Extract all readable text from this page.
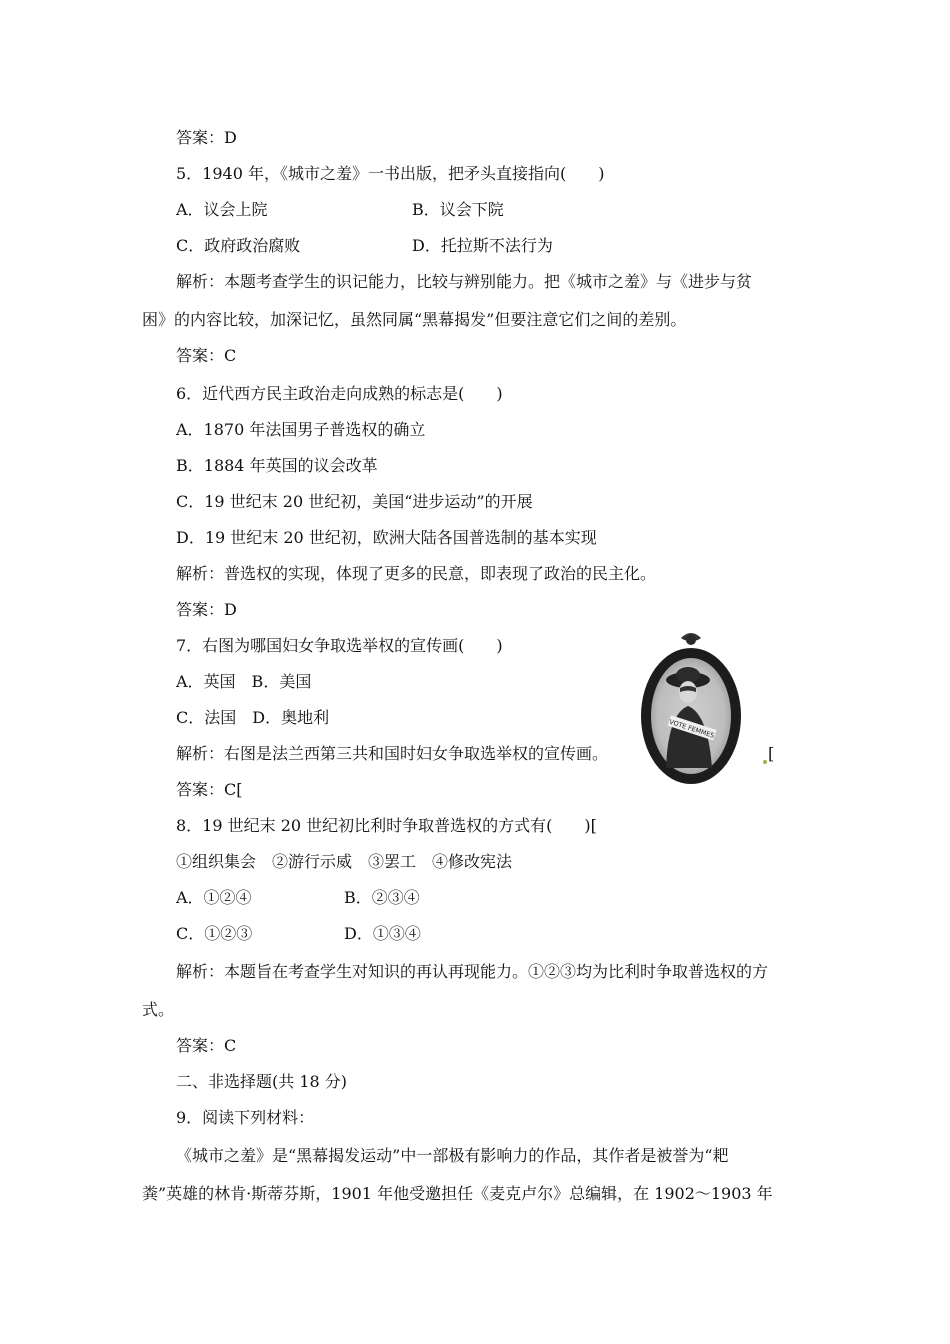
答案：D
5．1940 年，《城市之羞》一书出版，把矛头直接指向(　　)
A．议会上院	B．议会下院
C．政府政治腐败	D．托拉斯不法行为
解析：本题考查学生的识记能力，比较与辨别能力。把《城市之羞》与《进步与贫
困》的内容比较，加深记忆，虽然同属“黑幕揭发”但要注意它们之间的差别。
答案：C
6．近代西方民主政治走向成熟的标志是(　　)
A．1870 年法国男子普选权的确立
B．1884 年英国的议会改革
C．19 世纪末 20 世纪初，美国“进步运动”的开展
D．19 世纪末 20 世纪初，欧洲大陆各国普选制的基本实现
解析：普选权的实现，体现了更多的民意，即表现了政治的民主化。
答案：D
7．右图为哪国妇女争取选举权的宣传画(　　)
A．英国　B．美国
C．法国　D．奥地利
解析：右图是法兰西第三共和国时妇女争取选举权的宣传画。	[
答案：C[
8．19 世纪末 20 世纪初比利时争取普选权的方式有(　　)[
①组织集会　②游行示威　③罢工　④修改宪法
A．①②④	B．②③④
C．①②③	D．①③④
解析：本题旨在考查学生对知识的再认再现能力。①②③均为比利时争取普选权的方
式。
答案：C
二、非选择题(共 18 分)
9．阅读下列材料：
《城市之羞》是“黑幕揭发运动”中一部极有影响力的作品，其作者是被誉为“耙
粪”英雄的林肯·斯蒂芬斯，1901 年他受邀担任《麦克卢尔》总编辑，在 1902～1903 年
VOTE FEMMES
